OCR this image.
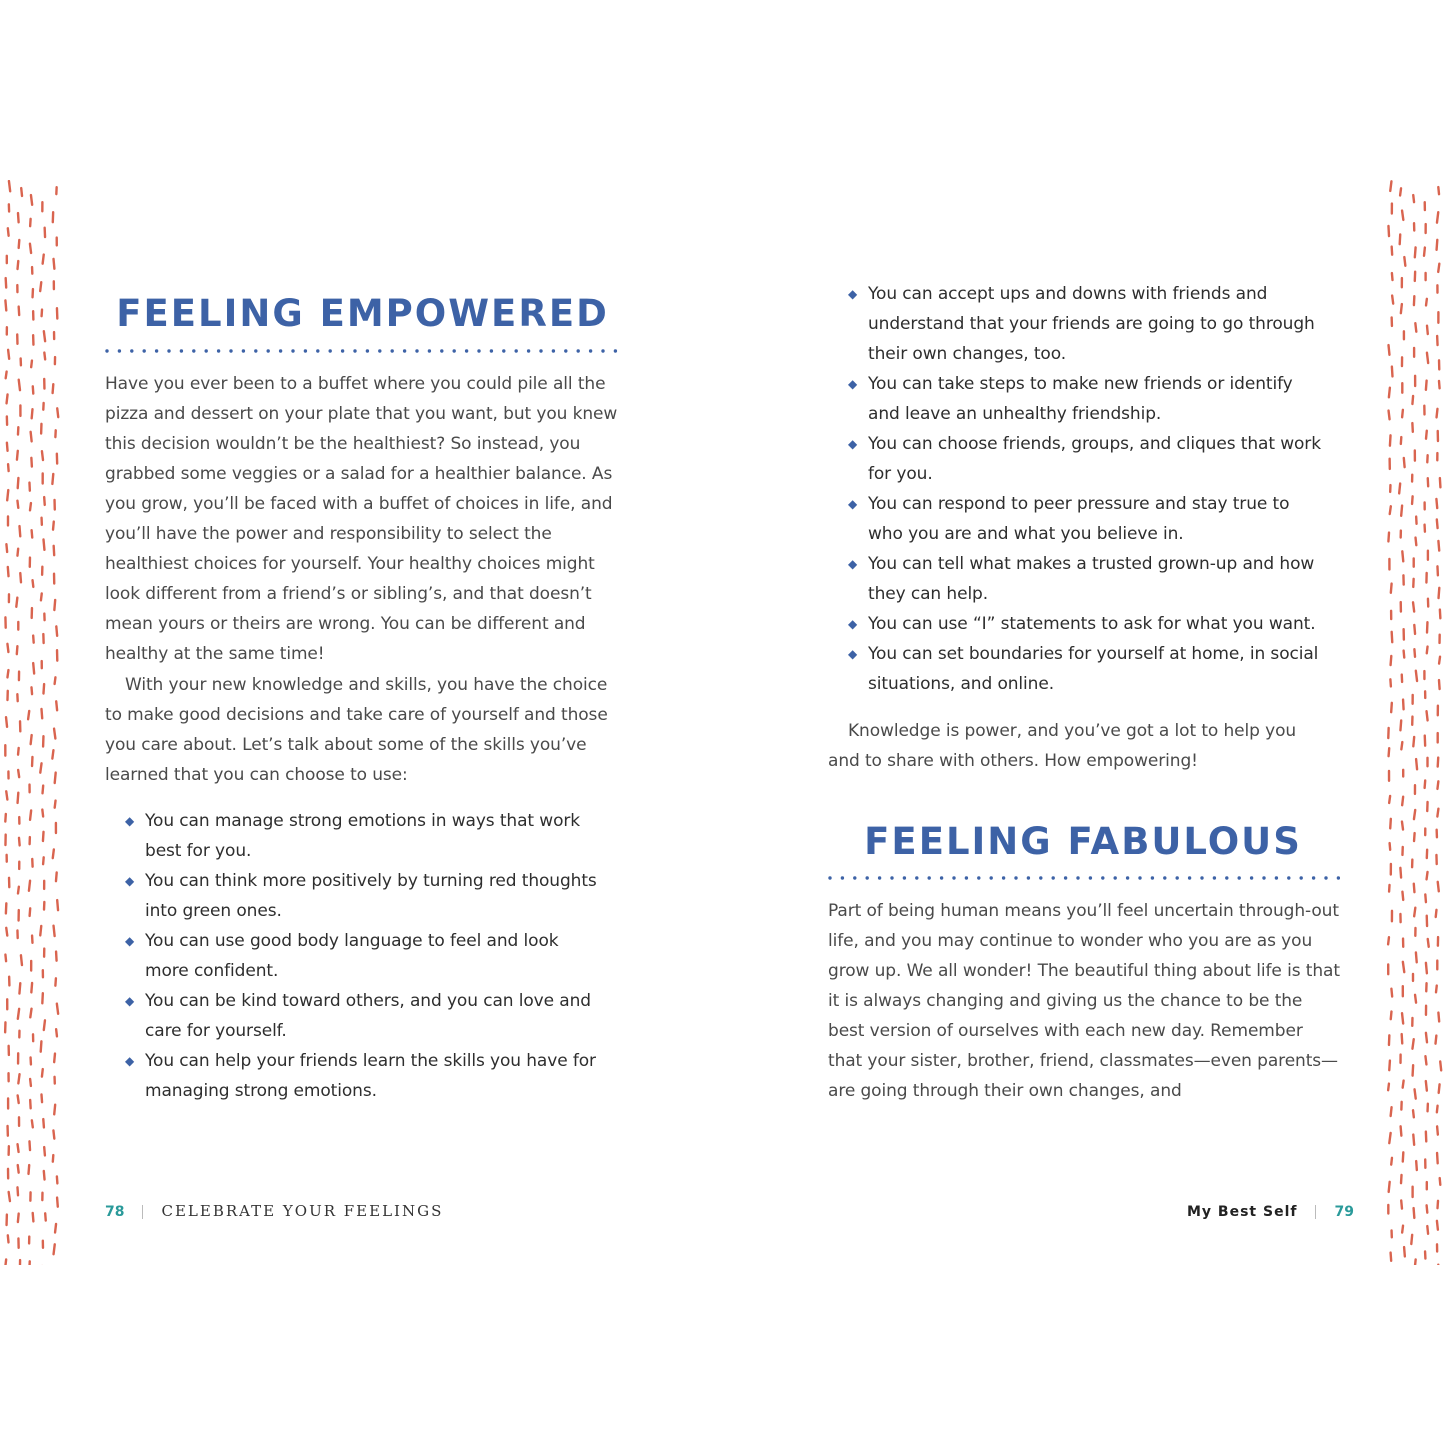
FEELING EMPOWERED

Have you ever been to a buffet where you could pile all the pizza and dessert on your plate that you want, but you knew this decision wouldn’t be the healthiest? So instead, you grabbed some veggies or a salad for a healthier balance. As you grow, you’ll be faced with a buffet of choices in life, and you’ll have the power and responsibility to select the healthiest choices for yourself. Your healthy choices might look different from a friend’s or sibling’s, and that doesn’t mean yours or theirs are wrong. You can be different and healthy at the same time!

With your new knowledge and skills, you have the choice to make good decisions and take care of yourself and those you care about. Let’s talk about some of the skills you’ve learned that you can choose to use:

◆ You can manage strong emotions in ways that work best for you.
◆ You can think more positively by turning red thoughts into green ones.
◆ You can use good body language to feel and look more confident.
◆ You can be kind toward others, and you can love and care for yourself.
◆ You can help your friends learn the skills you have for managing strong emotions.
78 CELEBRATE YOUR FEELINGS
◆ You can accept ups and downs with friends and understand that your friends are going to go through their own changes, too.
◆ You can take steps to make new friends or identify and leave an unhealthy friendship.
◆ You can choose friends, groups, and cliques that work for you.
◆ You can respond to peer pressure and stay true to who you are and what you believe in.
◆ You can tell what makes a trusted grown-up and how they can help.
◆ You can use “I” statements to ask for what you want.
◆ You can set boundaries for yourself at home, in social situations, and online.

Knowledge is power, and you’ve got a lot to help you and to share with others. How empowering!

FEELING FABULOUS

Part of being human means you’ll feel uncertain through-out life, and you may continue to wonder who you are as you grow up. We all wonder! The beautiful thing about life is that it is always changing and giving us the chance to be the best version of ourselves with each new day. Remember that your sister, brother, friend, classmates—even parents—are going through their own changes, and

My Best Self	79
